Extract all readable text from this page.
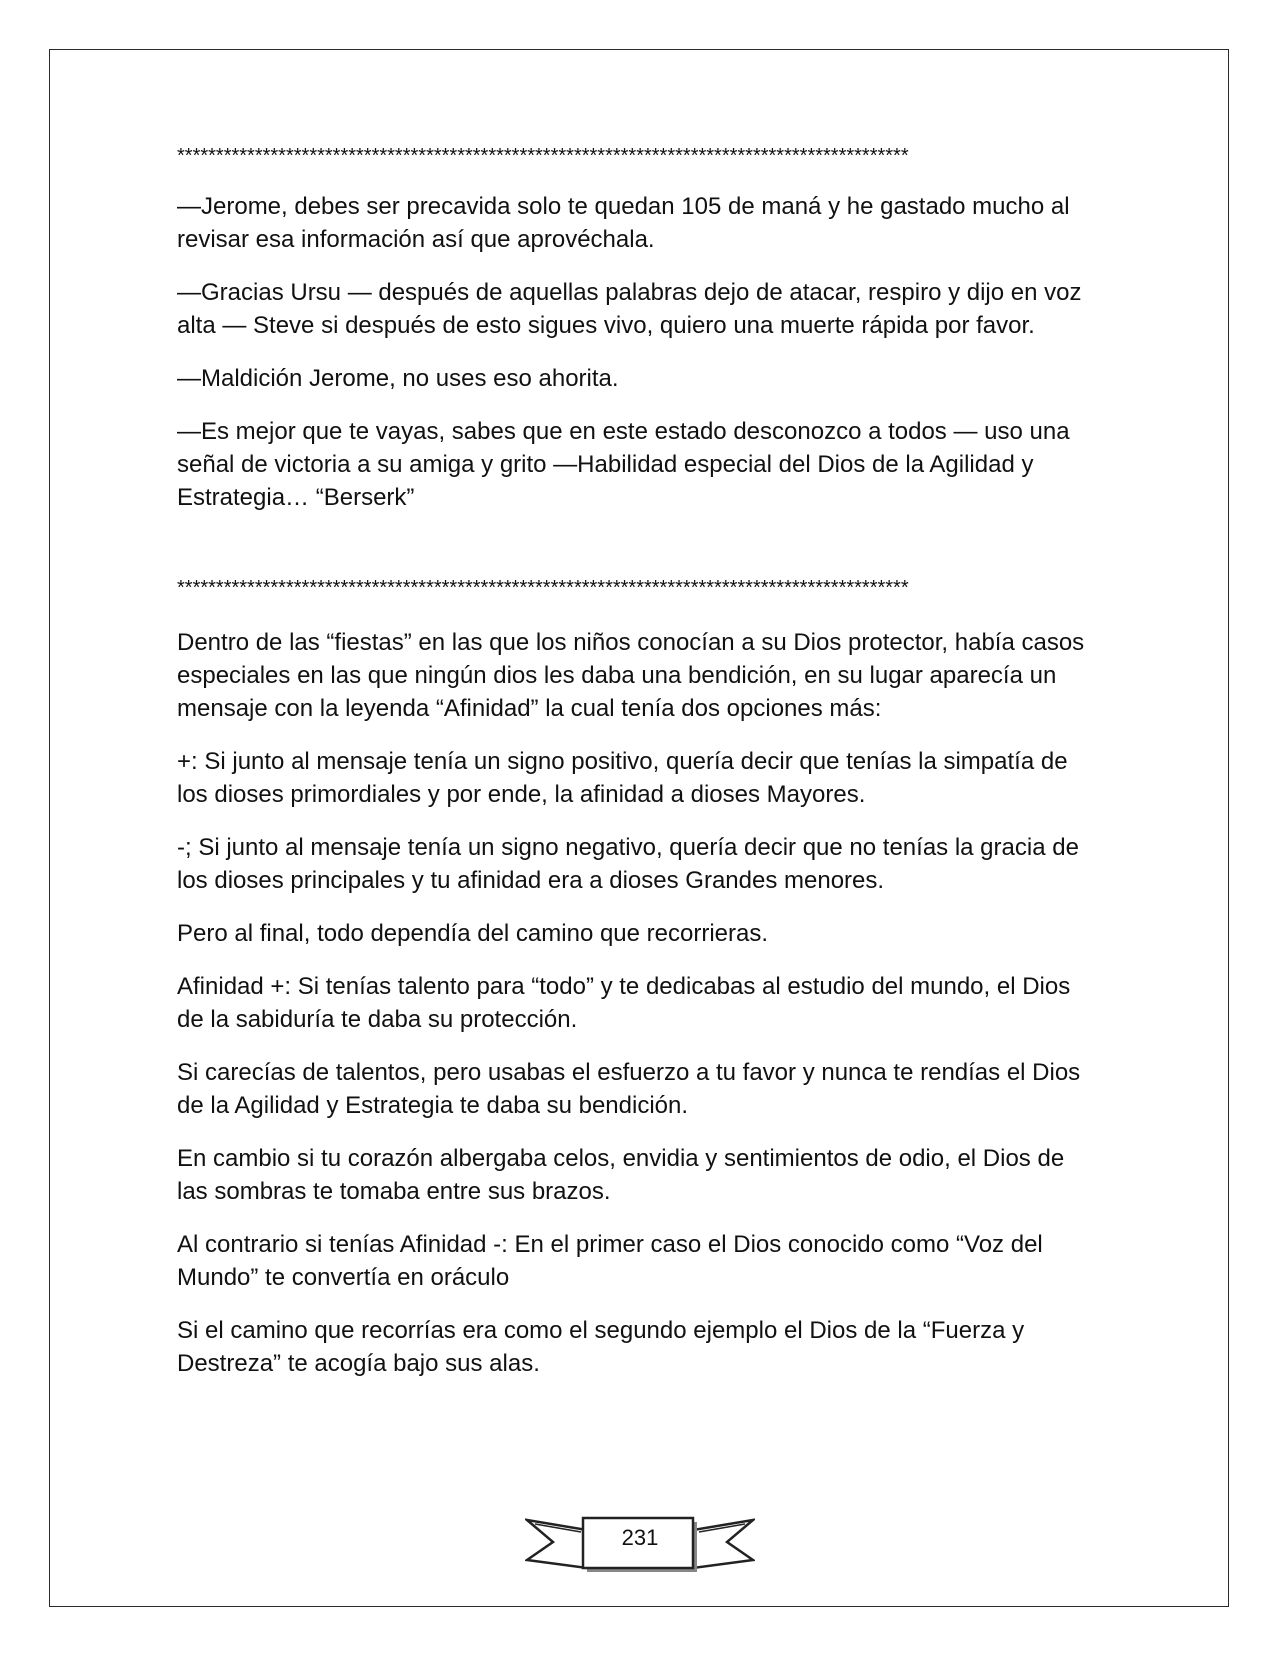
**********************************************************************************************

—Jerome, debes ser precavida solo te quedan 105 de maná y he gastado mucho al revisar esa información así que aprovéchala.

—Gracias Ursu — después de aquellas palabras dejo de atacar, respiro y dijo en voz alta — Steve si después de esto sigues vivo, quiero una muerte rápida por favor.

—Maldición Jerome, no uses eso ahorita.

—Es mejor que te vayas, sabes que en este estado desconozco a todos — uso una señal de victoria a su amiga y grito —Habilidad especial del Dios de la Agilidad y Estrategia… “Berserk”

**********************************************************************************************

Dentro de las “fiestas” en las que los niños conocían a su Dios protector, había casos especiales en las que ningún dios les daba una bendición, en su lugar aparecía un mensaje con la leyenda “Afinidad” la cual tenía dos opciones más:

+: Si junto al mensaje tenía un signo positivo, quería decir que tenías la simpatía de los dioses primordiales y por ende, la afinidad a dioses Mayores.

-; Si junto al mensaje tenía un signo negativo, quería decir que no tenías la gracia de los dioses principales y tu afinidad era a dioses Grandes menores.

Pero al final, todo dependía del camino que recorrieras.

Afinidad +: Si tenías talento para “todo” y te dedicabas al estudio del mundo, el Dios de la sabiduría te daba su protección.

Si carecías de talentos, pero usabas el esfuerzo a tu favor y nunca te rendías el Dios de la Agilidad y Estrategia te daba su bendición.

En cambio si tu corazón albergaba celos, envidia y sentimientos de odio, el Dios de las sombras te tomaba entre sus brazos.

Al contrario si tenías Afinidad -: En el primer caso el Dios conocido como “Voz del Mundo” te convertía en oráculo

Si el camino que recorrías era como el segundo ejemplo el Dios de la “Fuerza y Destreza” te acogía bajo sus alas.

231
